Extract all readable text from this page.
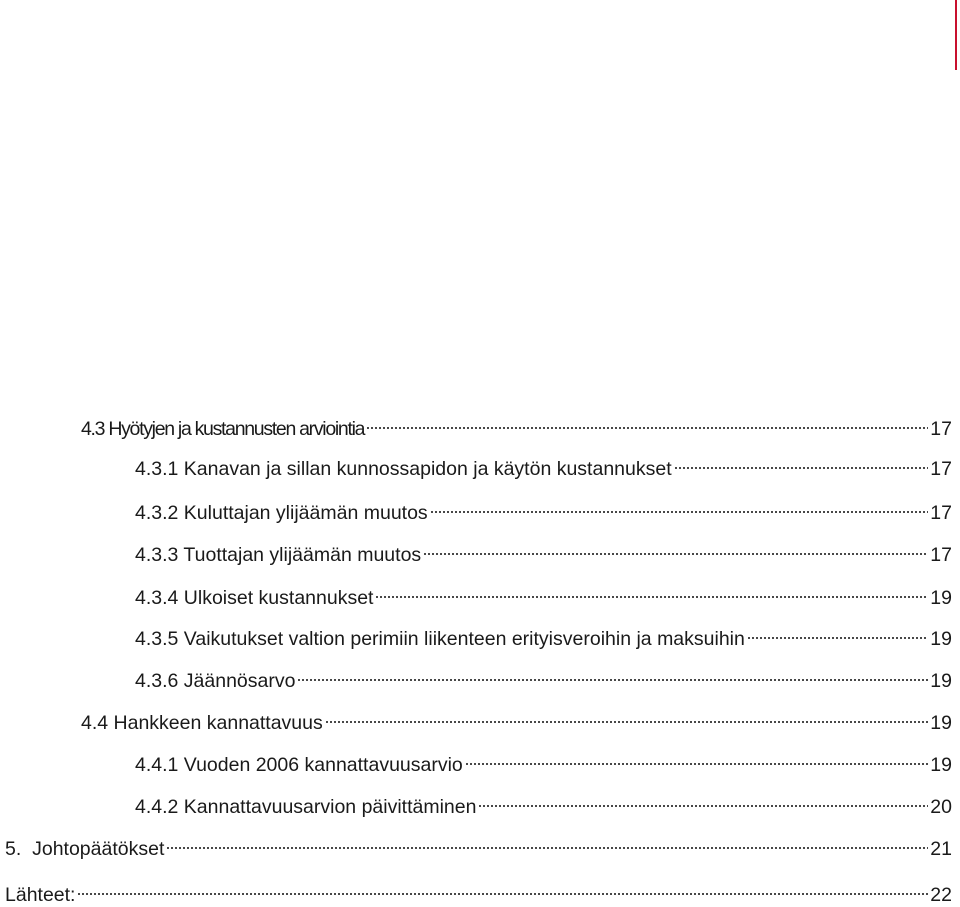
4.3 Hyötyjen ja kustannusten arviointia	17
4.3.1 Kanavan ja sillan kunnossapidon ja käytön kustannukset	17
4.3.2 Kuluttajan ylijäämän muutos	17
4.3.3 Tuottajan ylijäämän muutos	17
4.3.4 Ulkoiset kustannukset	19
4.3.5 Vaikutukset valtion perimiin liikenteen erityisveroihin ja maksuihin	19
4.3.6 Jäännösarvo	19
4.4 Hankkeen kannattavuus	19
4.4.1 Vuoden 2006 kannattavuusarvio	19
4.4.2 Kannattavuusarvion päivittäminen	20
5.  Johtopäätökset	21
Lähteet:	22
